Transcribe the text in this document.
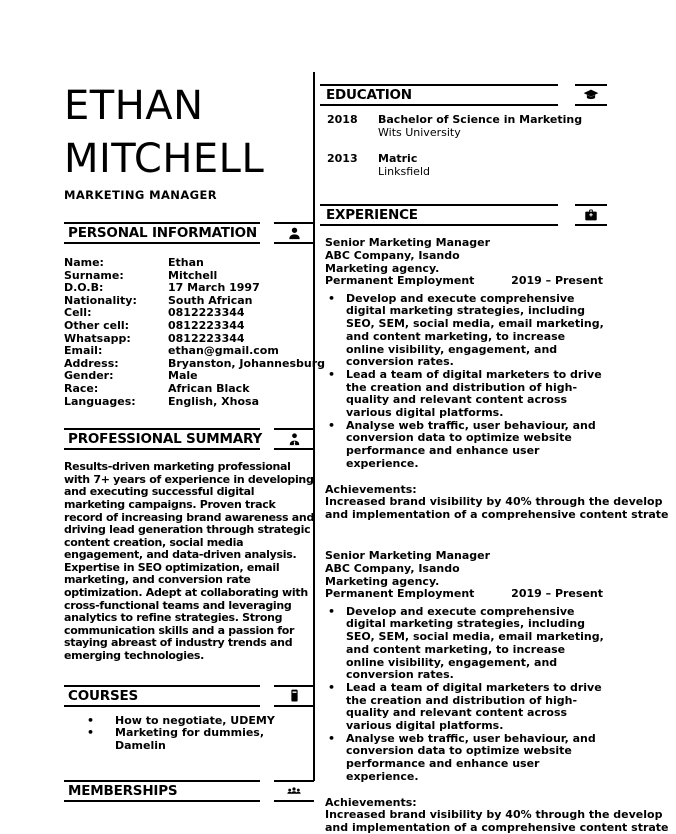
ETHAN
MITCHELL
MARKETING MANAGER
PERSONAL INFORMATION
Name:	Ethan
Surname:	Mitchell
D.O.B:	17 March 1997
Nationality:	South African
Cell:	0812223344
Other cell:	0812223344
Whatsapp:	0812223344
Email:	ethan@gmail.com
Address:	Bryanston, Johannesburg
Gender:	Male
Race:	African Black
Languages:	English, Xhosa
PROFESSIONAL SUMMARY
Results-driven marketing professional with 7+ years of experience in developing and executing successful digital marketing campaigns. Proven track record of increasing brand awareness and driving lead generation through strategic content creation, social media engagement, and data-driven analysis. Expertise in SEO optimization, email marketing, and conversion rate optimization. Adept at collaborating with cross-functional teams and leveraging analytics to refine strategies. Strong communication skills and a passion for staying abreast of industry trends and emerging technologies.
COURSES
• How to negotiate, UDEMY
• Marketing for dummies, Damelin
MEMBERSHIPS
EDUCATION
2018	Bachelor of Science in Marketing
Wits University
2013	Matric
Linksfield
EXPERIENCE
Senior Marketing Manager
ABC Company, Isando
Marketing agency.
Permanent Employment	2019 – Present
• Develop and execute comprehensive digital marketing strategies, including SEO, SEM, social media, email marketing, and content marketing, to increase online visibility, engagement, and conversion rates.
• Lead a team of digital marketers to drive the creation and distribution of high-quality and relevant content across various digital platforms.
• Analyse web traffic, user behaviour, and conversion data to optimize website performance and enhance user experience.
Achievements:
Increased brand visibility by 40% through the develop
and implementation of a comprehensive content strate
Senior Marketing Manager
ABC Company, Isando
Marketing agency.
Permanent Employment	2019 – Present
• Develop and execute comprehensive digital marketing strategies, including SEO, SEM, social media, email marketing, and content marketing, to increase online visibility, engagement, and conversion rates.
• Lead a team of digital marketers to drive the creation and distribution of high-quality and relevant content across various digital platforms.
• Analyse web traffic, user behaviour, and conversion data to optimize website performance and enhance user experience.
Achievements:
Increased brand visibility by 40% through the develop
and implementation of a comprehensive content strate
